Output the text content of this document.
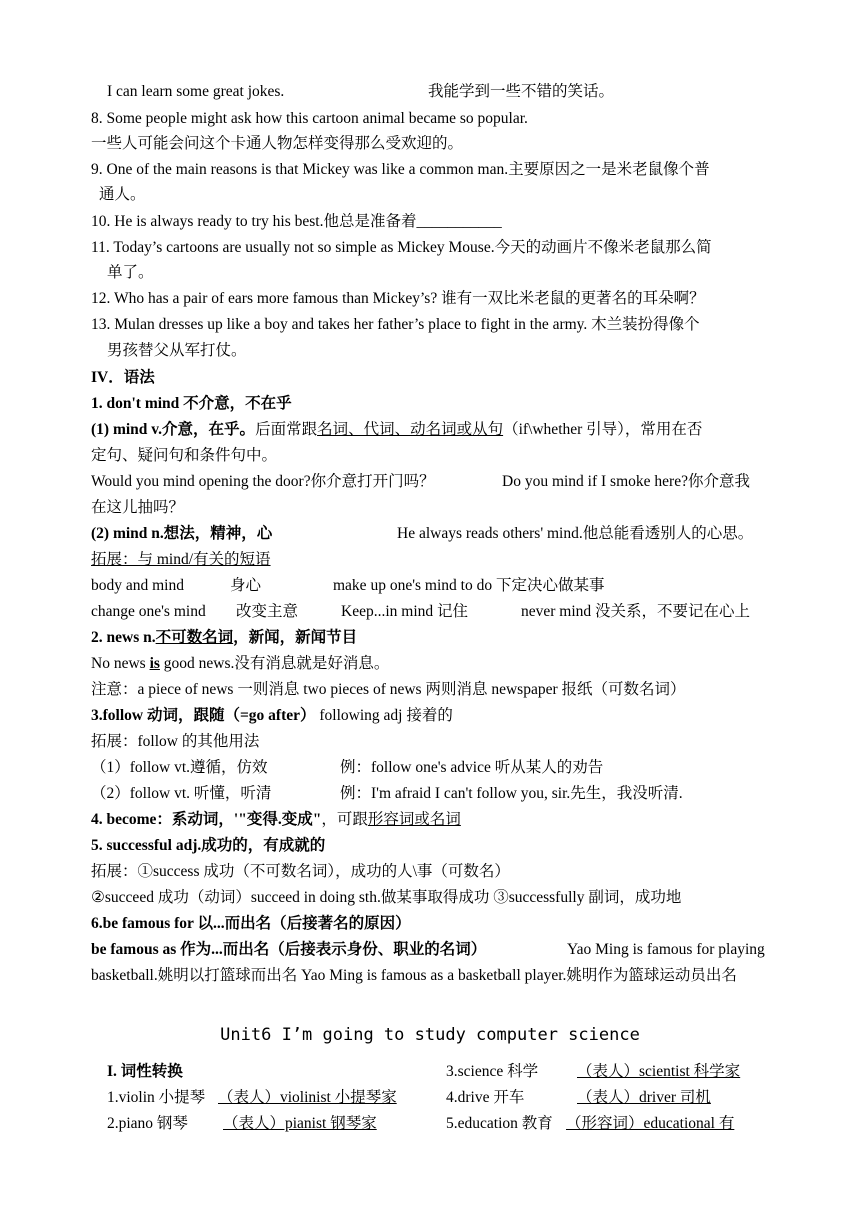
I can learn some great jokes.	我能学到一些不错的笑话。
8. Some people might ask how this cartoon animal became so popular.
一些人可能会问这个卡通人物怎样变得那么受欢迎的。
9. One of the main reasons is that Mickey was like a common man.主要原因之一是米老鼠像个普
通人。
10. He is always ready to try his best.他总是准备着___________
11. Today’s cartoons are usually not so simple as Mickey Mouse.今天的动画片不像米老鼠那么简
单了。
12. Who has a pair of ears more famous than Mickey’s? 谁有一双比米老鼠的更著名的耳朵啊？
13. Mulan dresses up like a boy and takes her father’s place to fight in the army. 木兰装扮得像个
男孩替父从军打仗。
IV．语法
1. don't mind 不介意，不在乎
(1) mind v.介意，在乎。后面常跟名词、代词、动名词或从句（if\whether 引导），常用在否
定句、疑问句和条件句中。
Would you mind opening the door?你介意打开门吗？	Do you mind if I smoke here?你介意我
在这儿抽吗？
(2) mind n.想法，精神，心	He always reads others' mind.他总能看透别人的心思。
拓展：与 mind/有关的短语
body and mind	身心	make up one's mind to do 下定决心做某事
change one's mind 改变主意	Keep...in mind 记住	never mind 没关系，不要记在心上
2. news n.不可数名词，新闻，新闻节目
No news is good news.没有消息就是好消息。
注意：a piece of news 一则消息 two pieces of news 两则消息 newspaper 报纸（可数名词）
3.follow 动词，跟随（=go after） following adj 接着的
拓展：follow 的其他用法
（1）follow vt.遵循，仿效	例：follow one's advice 听从某人的劝告
（2）follow vt. 听懂，听清	例：I'm afraid I can't follow you, sir.先生，我没听清.
4. become：系动词，'"变得.变成"，可跟形容词或名词
5. successful adj.成功的，有成就的
拓展：①success 成功（不可数名词），成功的人\事（可数名）
②succeed 成功（动词）succeed in doing sth.做某事取得成功 ③successfully 副词，成功地
6.be famous for 以...而出名（后接著名的原因）
be famous as 作为...而出名（后接表示身份、职业的名词）	Yao Ming is famous for playing
basketball.姚明以打篮球而出名 Yao Ming is famous as a basketball player.姚明作为篮球运动员出名
Unit6 I’m going to study computer science
I. 词性转换	3.science 科学	（表人）scientist 科学家
1.violin 小提琴 （表人）violinist 小提琴家	4.drive 开车	（表人）driver 司机
2.piano 钢琴 （表人）pianist 钢琴家	5.education 教育 （形容词）educational 有
